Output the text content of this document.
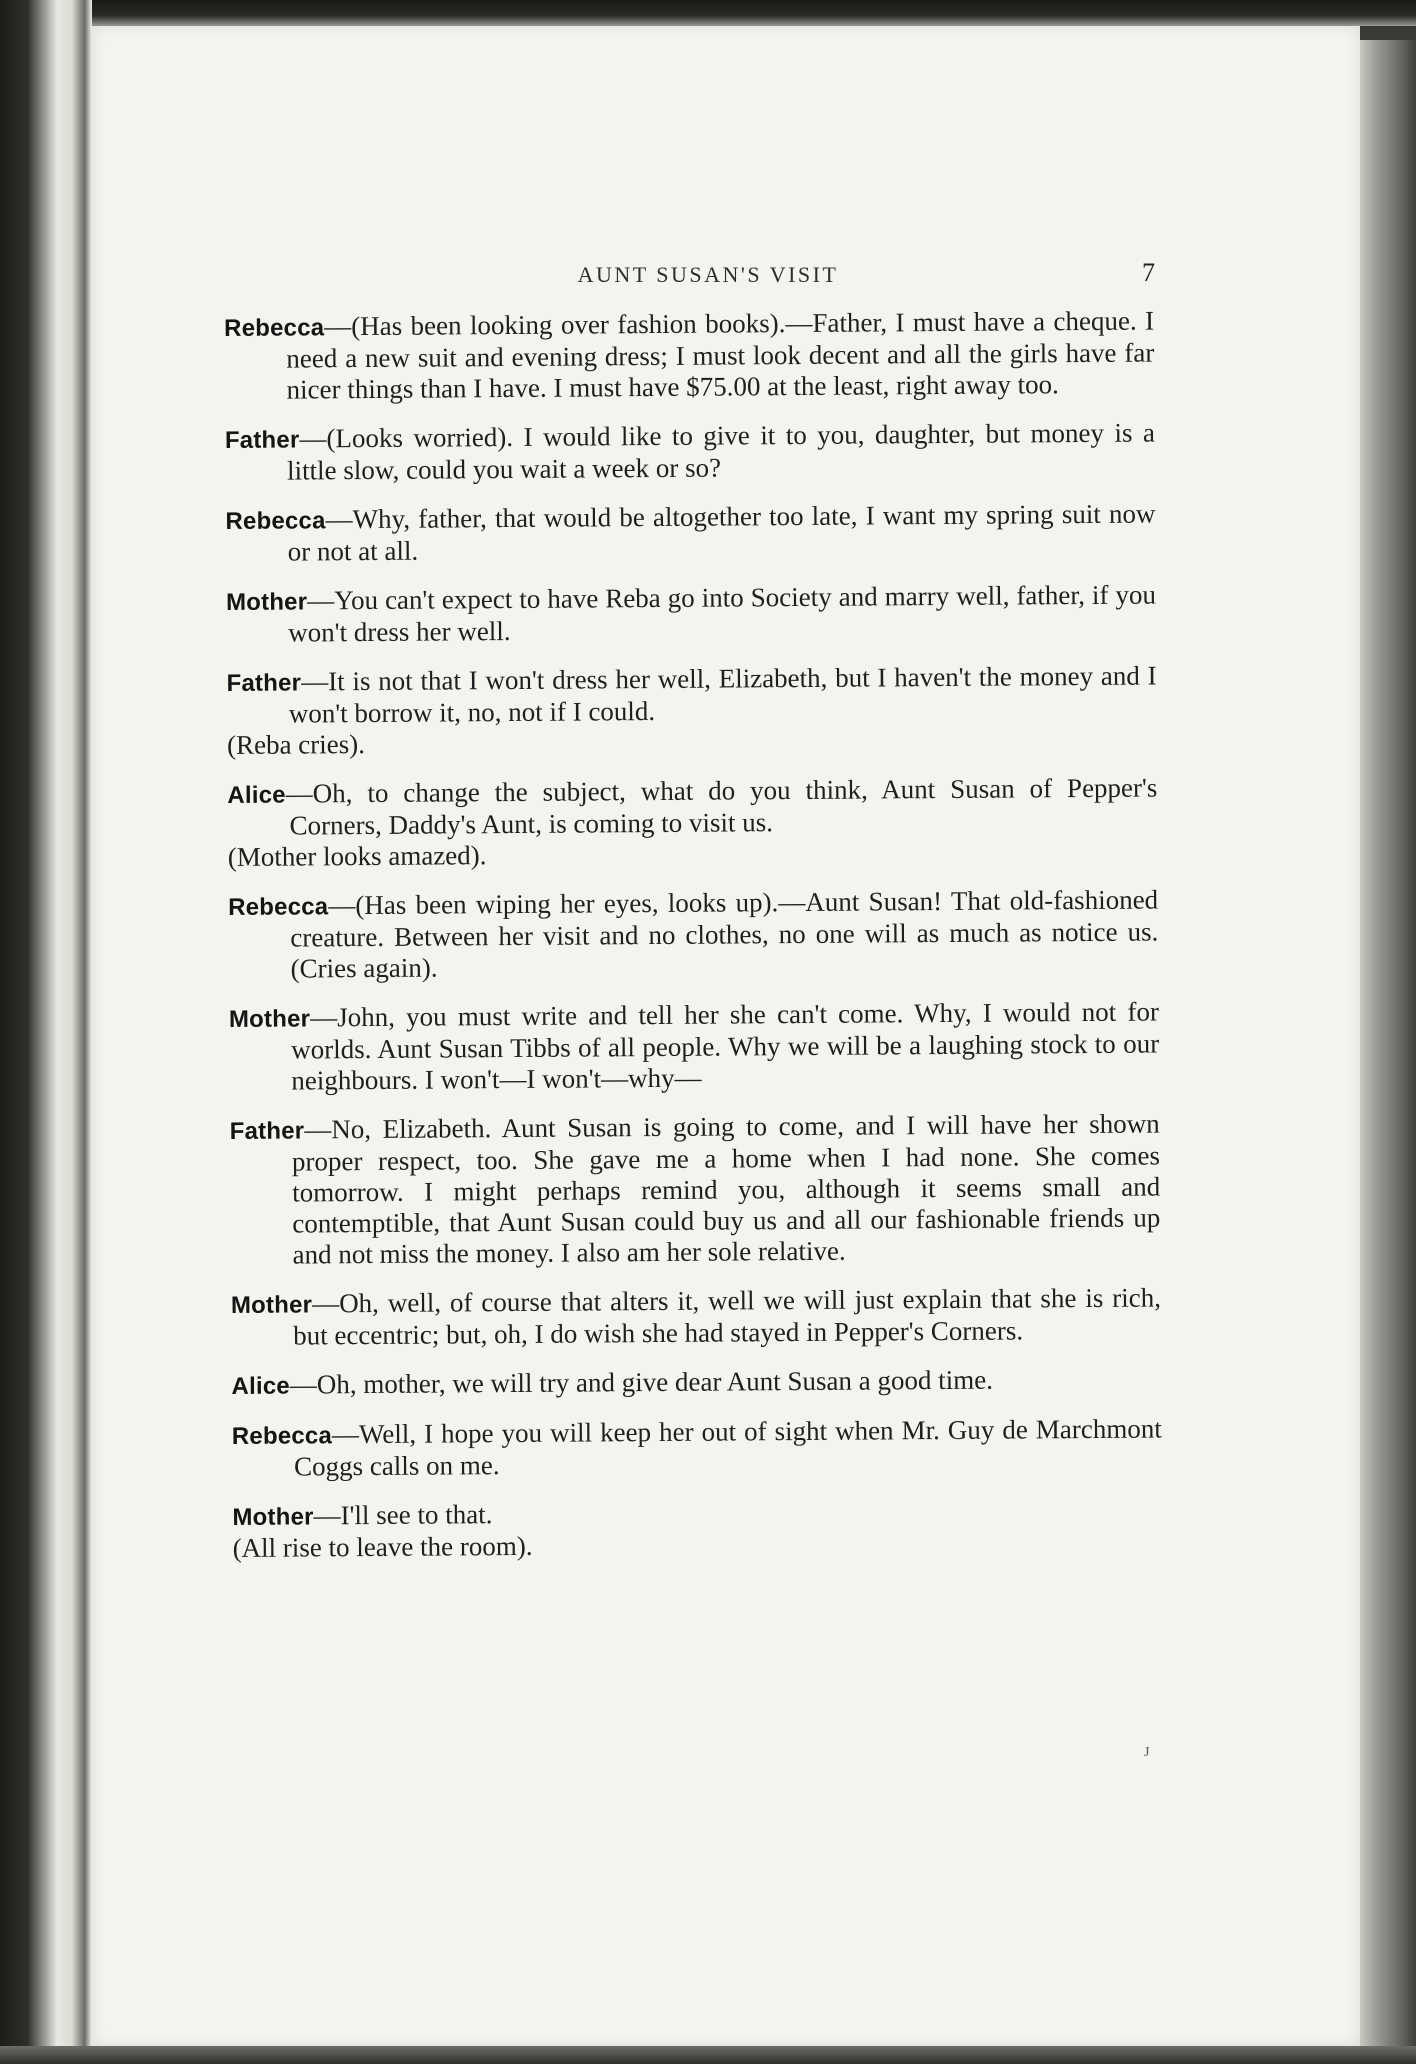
AUNT SUSAN'S VISIT	7

Rebecca—(Has been looking over fashion books).—Father, I must have a cheque. I need a new suit and evening dress; I must look decent and all the girls have far nicer things than I have. I must have $75.00 at the least, right away too.

Father—(Looks worried). I would like to give it to you, daughter, but money is a little slow, could you wait a week or so?

Rebecca—Why, father, that would be altogether too late, I want my spring suit now or not at all.

Mother—You can't expect to have Reba go into Society and marry well, father, if you won't dress her well.

Father—It is not that I won't dress her well, Elizabeth, but I haven't the money and I won't borrow it, no, not if I could.
(Reba cries).

Alice—Oh, to change the subject, what do you think, Aunt Susan of Pepper's Corners, Daddy's Aunt, is coming to visit us.
(Mother looks amazed).

Rebecca—(Has been wiping her eyes, looks up).—Aunt Susan! That old-fashioned creature. Between her visit and no clothes, no one will as much as notice us. (Cries again).

Mother—John, you must write and tell her she can't come. Why, I would not for worlds. Aunt Susan Tibbs of all people. Why we will be a laughing stock to our neighbours. I won't—I won't—why—

Father—No, Elizabeth. Aunt Susan is going to come, and I will have her shown proper respect, too. She gave me a home when I had none. She comes tomorrow. I might perhaps remind you, although it seems small and contemptible, that Aunt Susan could buy us and all our fashionable friends up and not miss the money. I also am her sole relative.

Mother—Oh, well, of course that alters it, well we will just explain that she is rich, but eccentric; but, oh, I do wish she had stayed in Pepper's Corners.

Alice—Oh, mother, we will try and give dear Aunt Susan a good time.

Rebecca—Well, I hope you will keep her out of sight when Mr. Guy de Marchmont Coggs calls on me.

Mother—I'll see to that.
(All rise to leave the room).

J
